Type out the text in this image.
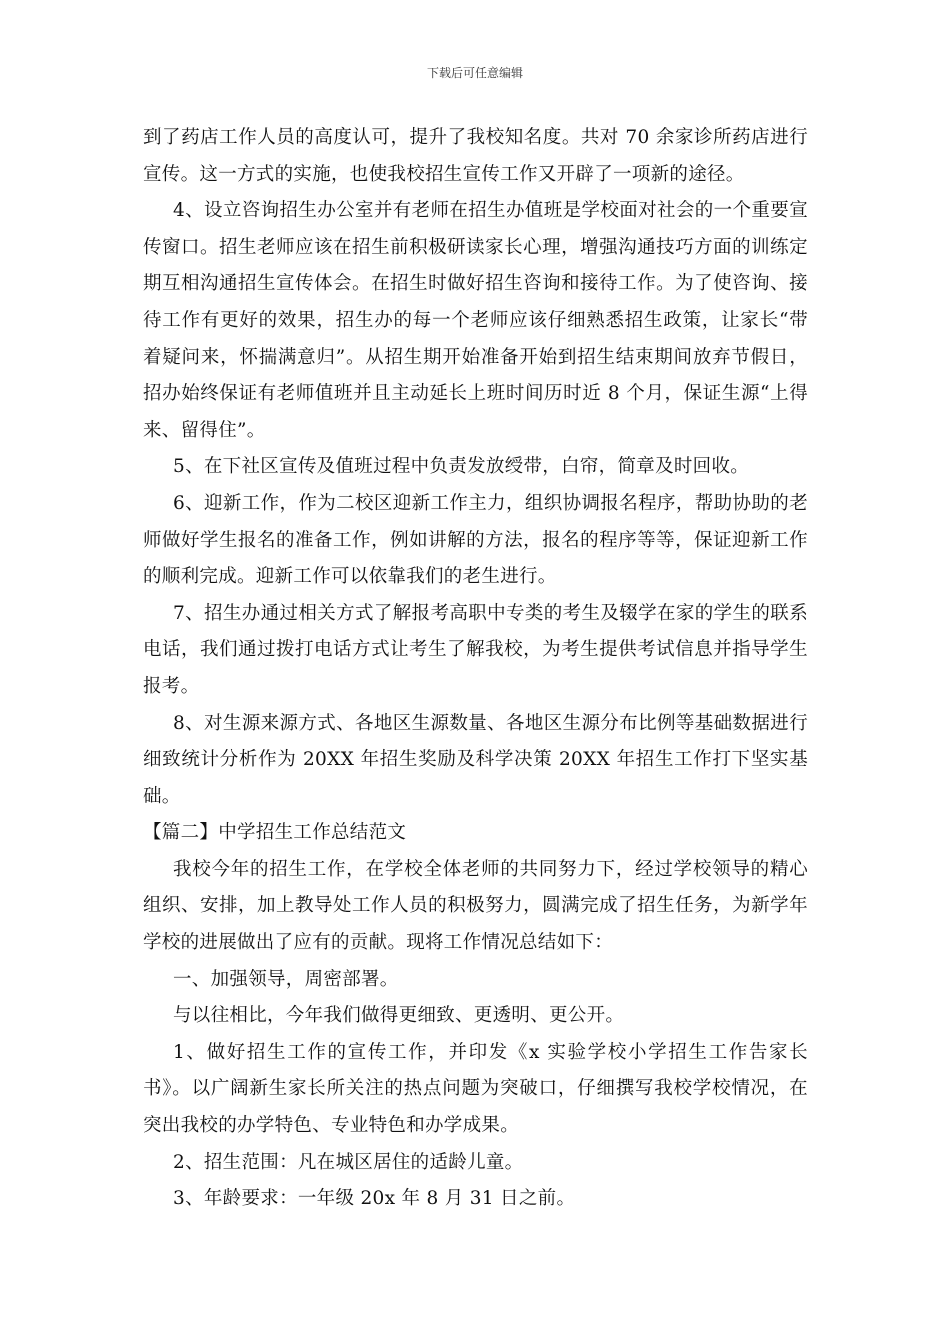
下载后可任意编辑

到了药店工作人员的高度认可，提升了我校知名度。共对 70 余家诊所药店进行宣传。这一方式的实施，也使我校招生宣传工作又开辟了一项新的途径。

4、设立咨询招生办公室并有老师在招生办值班是学校面对社会的一个重要宣传窗口。招生老师应该在招生前积极研读家长心理，增强沟通技巧方面的训练定期互相沟通招生宣传体会。在招生时做好招生咨询和接待工作。为了使咨询、接待工作有更好的效果，招生办的每一个老师应该仔细熟悉招生政策，让家长“带着疑问来，怀揣满意归”。从招生期开始准备开始到招生结束期间放弃节假日，招办始终保证有老师值班并且主动延长上班时间历时近 8 个月，保证生源“上得来、留得住”。

5、在下社区宣传及值班过程中负责发放绶带，白帘，简章及时回收。

6、迎新工作，作为二校区迎新工作主力，组织协调报名程序，帮助协助的老师做好学生报名的准备工作，例如讲解的方法，报名的程序等等，保证迎新工作的顺利完成。迎新工作可以依靠我们的老生进行。

7、招生办通过相关方式了解报考高职中专类的考生及辍学在家的学生的联系电话，我们通过拨打电话方式让考生了解我校，为考生提供考试信息并指导学生报考。

8、对生源来源方式、各地区生源数量、各地区生源分布比例等基础数据进行细致统计分析作为 20XX 年招生奖励及科学决策 20XX 年招生工作打下坚实基础。

【篇二】中学招生工作总结范文

我校今年的招生工作，在学校全体老师的共同努力下，经过学校领导的精心组织、安排，加上教导处工作人员的积极努力，圆满完成了招生任务，为新学年学校的进展做出了应有的贡献。现将工作情况总结如下：

一、加强领导，周密部署。

与以往相比，今年我们做得更细致、更透明、更公开。

1、做好招生工作的宣传工作，并印发《x 实验学校小学招生工作告家长书》。以广阔新生家长所关注的热点问题为突破口，仔细撰写我校学校情况，在突出我校的办学特色、专业特色和办学成果。

2、招生范围：凡在城区居住的适龄儿童。

3、年龄要求：一年级 20x 年 8 月 31 日之前。
